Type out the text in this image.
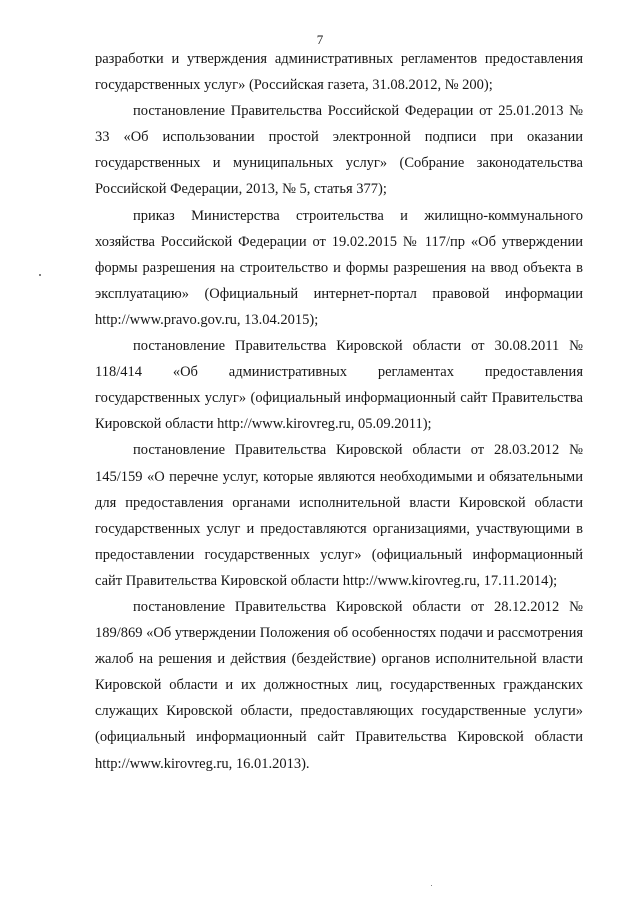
7

разработки и утверждения административных регламентов предоставления государственных услуг» (Российская газета, 31.08.2012, № 200);

постановление Правительства Российской Федерации от 25.01.2013 № 33 «Об использовании простой электронной подписи при оказании государственных и муниципальных услуг» (Собрание законодательства Российской Федерации, 2013, № 5, статья 377);

приказ Министерства строительства и жилищно-коммунального хозяйства Российской Федерации от 19.02.2015 № 117/пр «Об утверждении формы разрешения на строительство и формы разрешения на ввод объекта в эксплуатацию» (Официальный интернет-портал правовой информации http://www.pravo.gov.ru, 13.04.2015);

постановление Правительства Кировской области от 30.08.2011 № 118/414 «Об административных регламентах предоставления государственных услуг» (официальный информационный сайт Правительства Кировской области http://www.kirovreg.ru, 05.09.2011);

постановление Правительства Кировской области от 28.03.2012 № 145/159 «О перечне услуг, которые являются необходимыми и обязательными для предоставления органами исполнительной власти Кировской области государственных услуг и предоставляются организациями, участвующими в предоставлении государственных услуг» (официальный информационный сайт Правительства Кировской области http://www.kirovreg.ru, 17.11.2014);

постановление Правительства Кировской области от 28.12.2012 № 189/869 «Об утверждении Положения об особенностях подачи и рассмотрения жалоб на решения и действия (бездействие) органов исполнительной власти Кировской области и их должностных лиц, государственных гражданских служащих Кировской области, предоставляющих государственные услуги» (официальный информационный сайт Правительства Кировской области http://www.kirovreg.ru, 16.01.2013).
